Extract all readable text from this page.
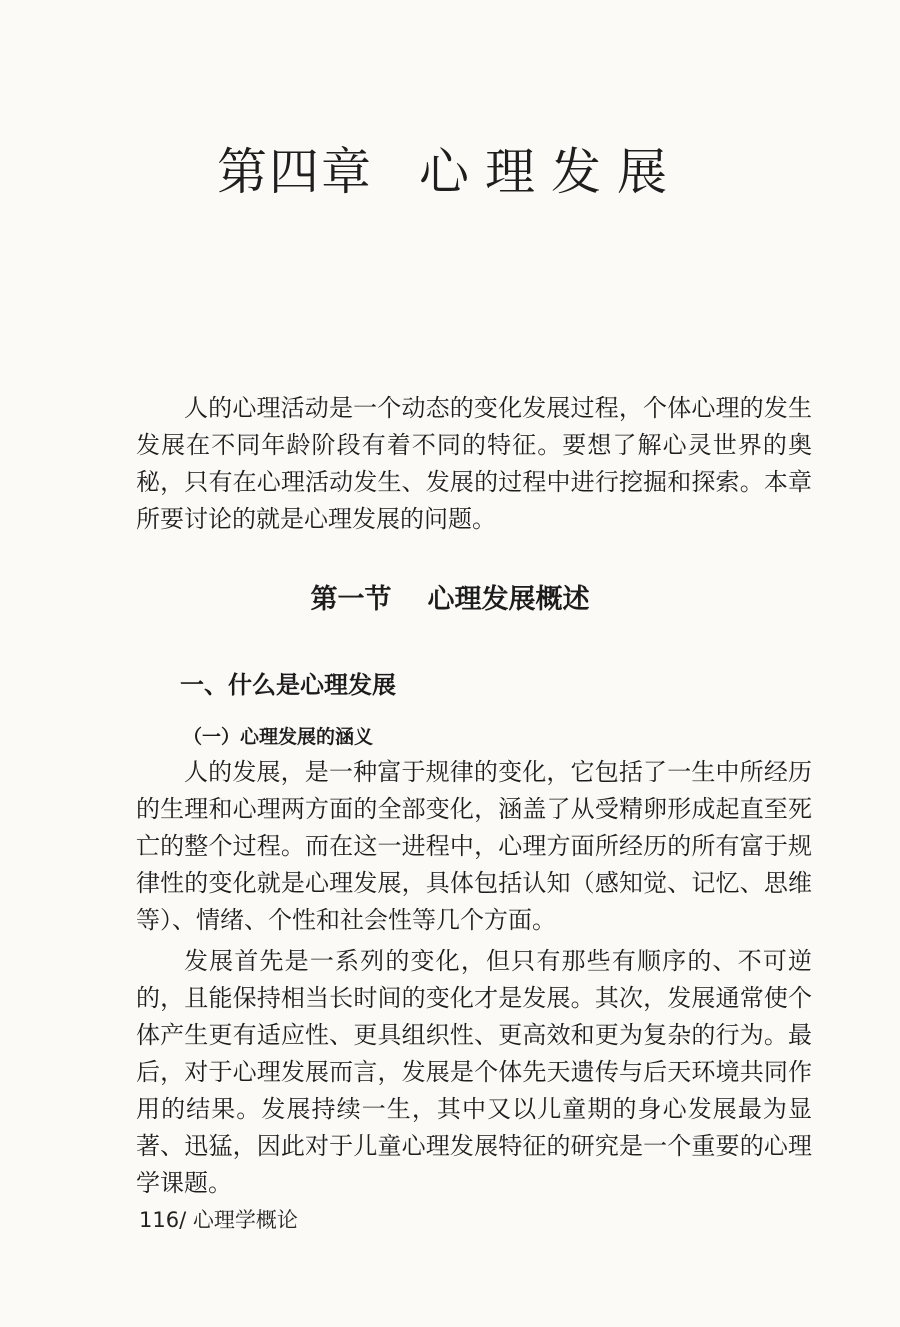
第四章 心理发展

人的心理活动是一个动态的变化发展过程，个体心理的发生发展在不同年龄阶段有着不同的特征。要想了解心灵世界的奥秘，只有在心理活动发生、发展的过程中进行挖掘和探索。本章所要讨论的就是心理发展的问题。

第一节 心理发展概述
一、什么是心理发展
（一）心理发展的涵义

人的发展，是一种富于规律的变化，它包括了一生中所经历的生理和心理两方面的全部变化，涵盖了从受精卵形成起直至死亡的整个过程。而在这一进程中，心理方面所经历的所有富于规律性的变化就是心理发展，具体包括认知（感知觉、记忆、思维等）、情绪、个性和社会性等几个方面。

发展首先是一系列的变化，但只有那些有顺序的、不可逆的，且能保持相当长时间的变化才是发展。其次，发展通常使个体产生更有适应性、更具组织性、更高效和更为复杂的行为。最后，对于心理发展而言，发展是个体先天遗传与后天环境共同作用的结果。发展持续一生，其中又以儿童期的身心发展最为显著、迅猛，因此对于儿童心理发展特征的研究是一个重要的心理学课题。

116/ 心理学概论
